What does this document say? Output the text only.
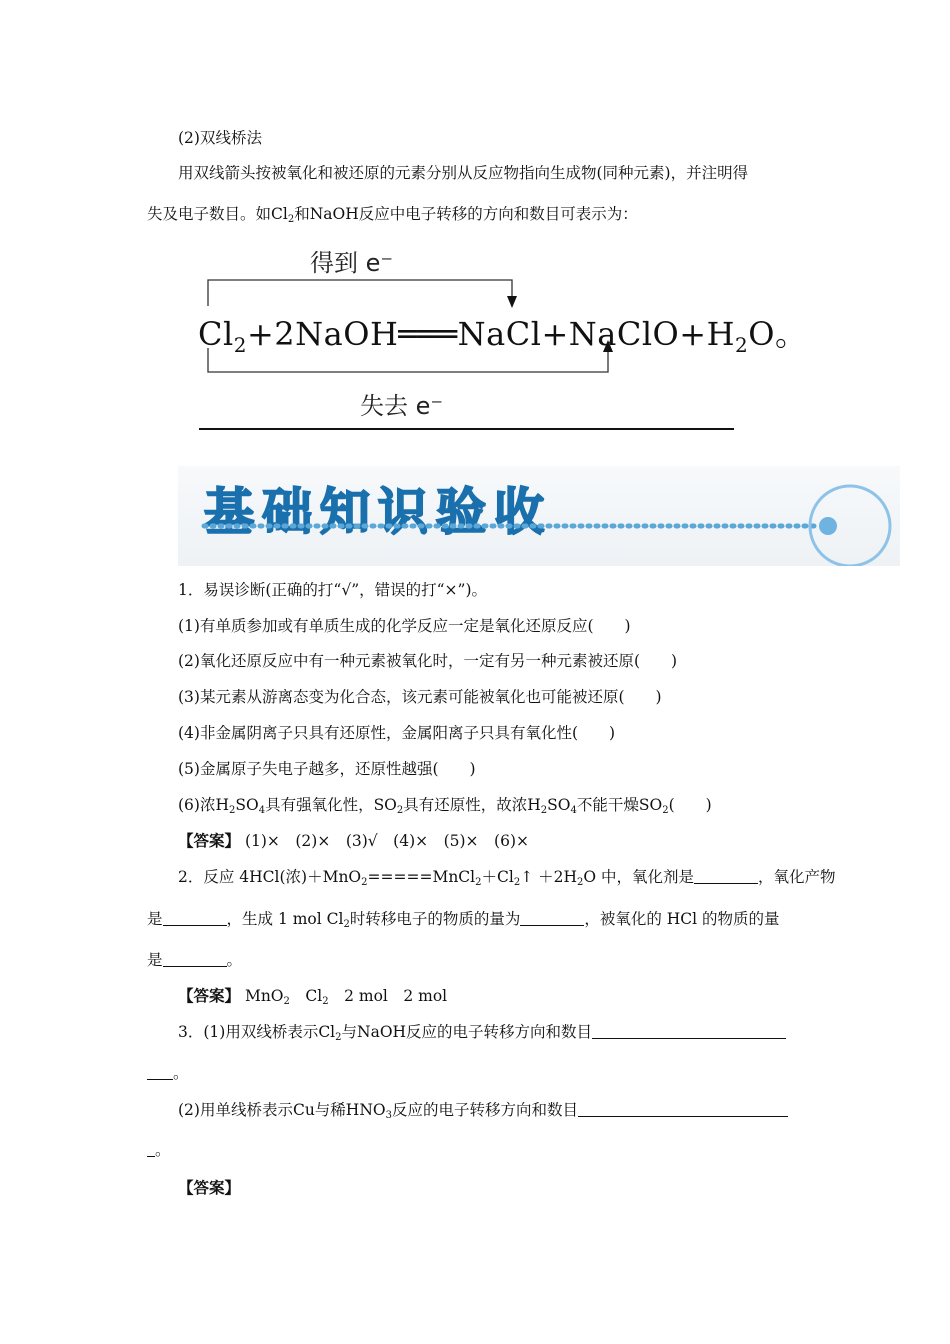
(2)双线桥法
用双线箭头按被氧化和被还原的元素分别从反应物指向生成物(同种元素)，并注明得
失及电子数目。如$Cl_2$和NaOH反应中电子转移的方向和数目可表示为：
得到 e⁻
$Cl_2+2NaOH═══NaCl+NaClO+H_2O$。
失去 e⁻
基础知识验收
1．易误诊断(正确的打“√”，错误的打“×”)。
(1)有单质参加或有单质生成的化学反应一定是氧化还原反应(　　)
(2)氧化还原反应中有一种元素被氧化时，一定有另一种元素被还原(　　)
(3)某元素从游离态变为化合态，该元素可能被氧化也可能被还原(　　)
(4)非金属阴离子只具有还原性，金属阳离子只具有氧化性(　　)
(5)金属原子失电子越多，还原性越强(　　)
(6)浓$H_2SO_4$具有强氧化性，$SO_2$具有还原性，故浓$H_2SO_4$不能干燥$SO_2$(　　)
【答案】 (1)×　(2)×　(3)√　(4)×　(5)×　(6)×
2．反应 4HCl(浓)$+MnO_2=====MnCl_2+Cl_2↑ +2H_2O$ 中，氧化剂是	，氧化产物
是	，生成 1 mol $Cl_2$时转移电子的物质的量为	，被氧化的 HCl 的物质的量
是	。
【答案】 MnO$_2$　$Cl_2$　2 mol　2 mol
3．(1)用双线桥表示$Cl_2$与NaOH反应的电子转移方向和数目
。
(2)用单线桥表示Cu与稀$HNO_3$反应的电子转移方向和数目
。
【答案】
